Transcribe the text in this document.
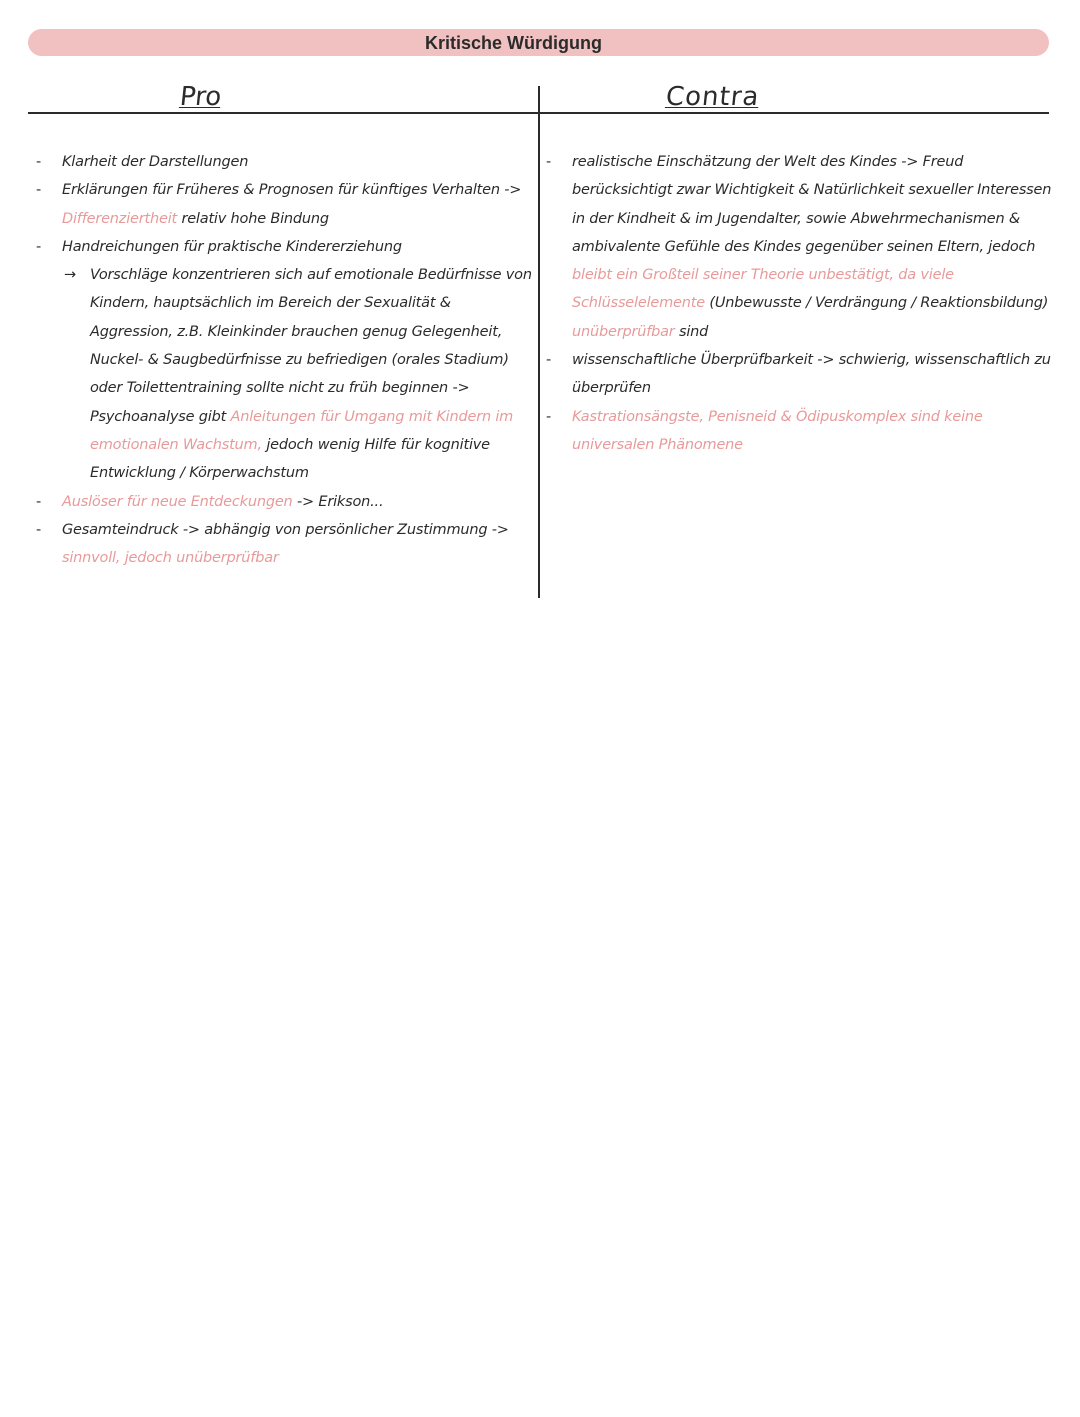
Kritische Würdigung
Pro	Contra
- Klarheit der Darstellungen
- Erklärungen für Früheres & Prognosen für künftiges Verhalten -> Differenziertheit relativ hohe Bindung
- Handreichungen für praktische Kindererziehung
→ Vorschläge konzentrieren sich auf emotionale Bedürfnisse von Kindern, hauptsächlich im Bereich der Sexualität & Aggression, z.B. Kleinkinder brauchen genug Gelegenheit, Nuckel- & Saugbedürfnisse zu befriedigen (orales Stadium) oder Toilettentraining sollte nicht zu früh beginnen -> Psychoanalyse gibt Anleitungen für Umgang mit Kindern im emotionalen Wachstum, jedoch wenig Hilfe für kognitive Entwicklung / Körperwachstum
- Auslöser für neue Entdeckungen -> Erikson...
- Gesamteindruck -> abhängig von persönlicher Zustimmung -> sinnvoll, jedoch unüberprüfbar
- realistische Einschätzung der Welt des Kindes -> Freud berücksichtigt zwar Wichtigkeit & Natürlichkeit sexueller Interessen in der Kindheit & im Jugendalter, sowie Abwehrmechanismen & ambivalente Gefühle des Kindes gegenüber seinen Eltern, jedoch bleibt ein Großteil seiner Theorie unbestätigt, da viele Schlüsselelemente (Unbewusste / Verdrängung / Reaktionsbildung) unüberprüfbar sind
- wissenschaftliche Überprüfbarkeit -> schwierig, wissenschaftlich zu überprüfen
- Kastrationsängste, Penisneid & Ödipuskomplex sind keine universalen Phänomene
